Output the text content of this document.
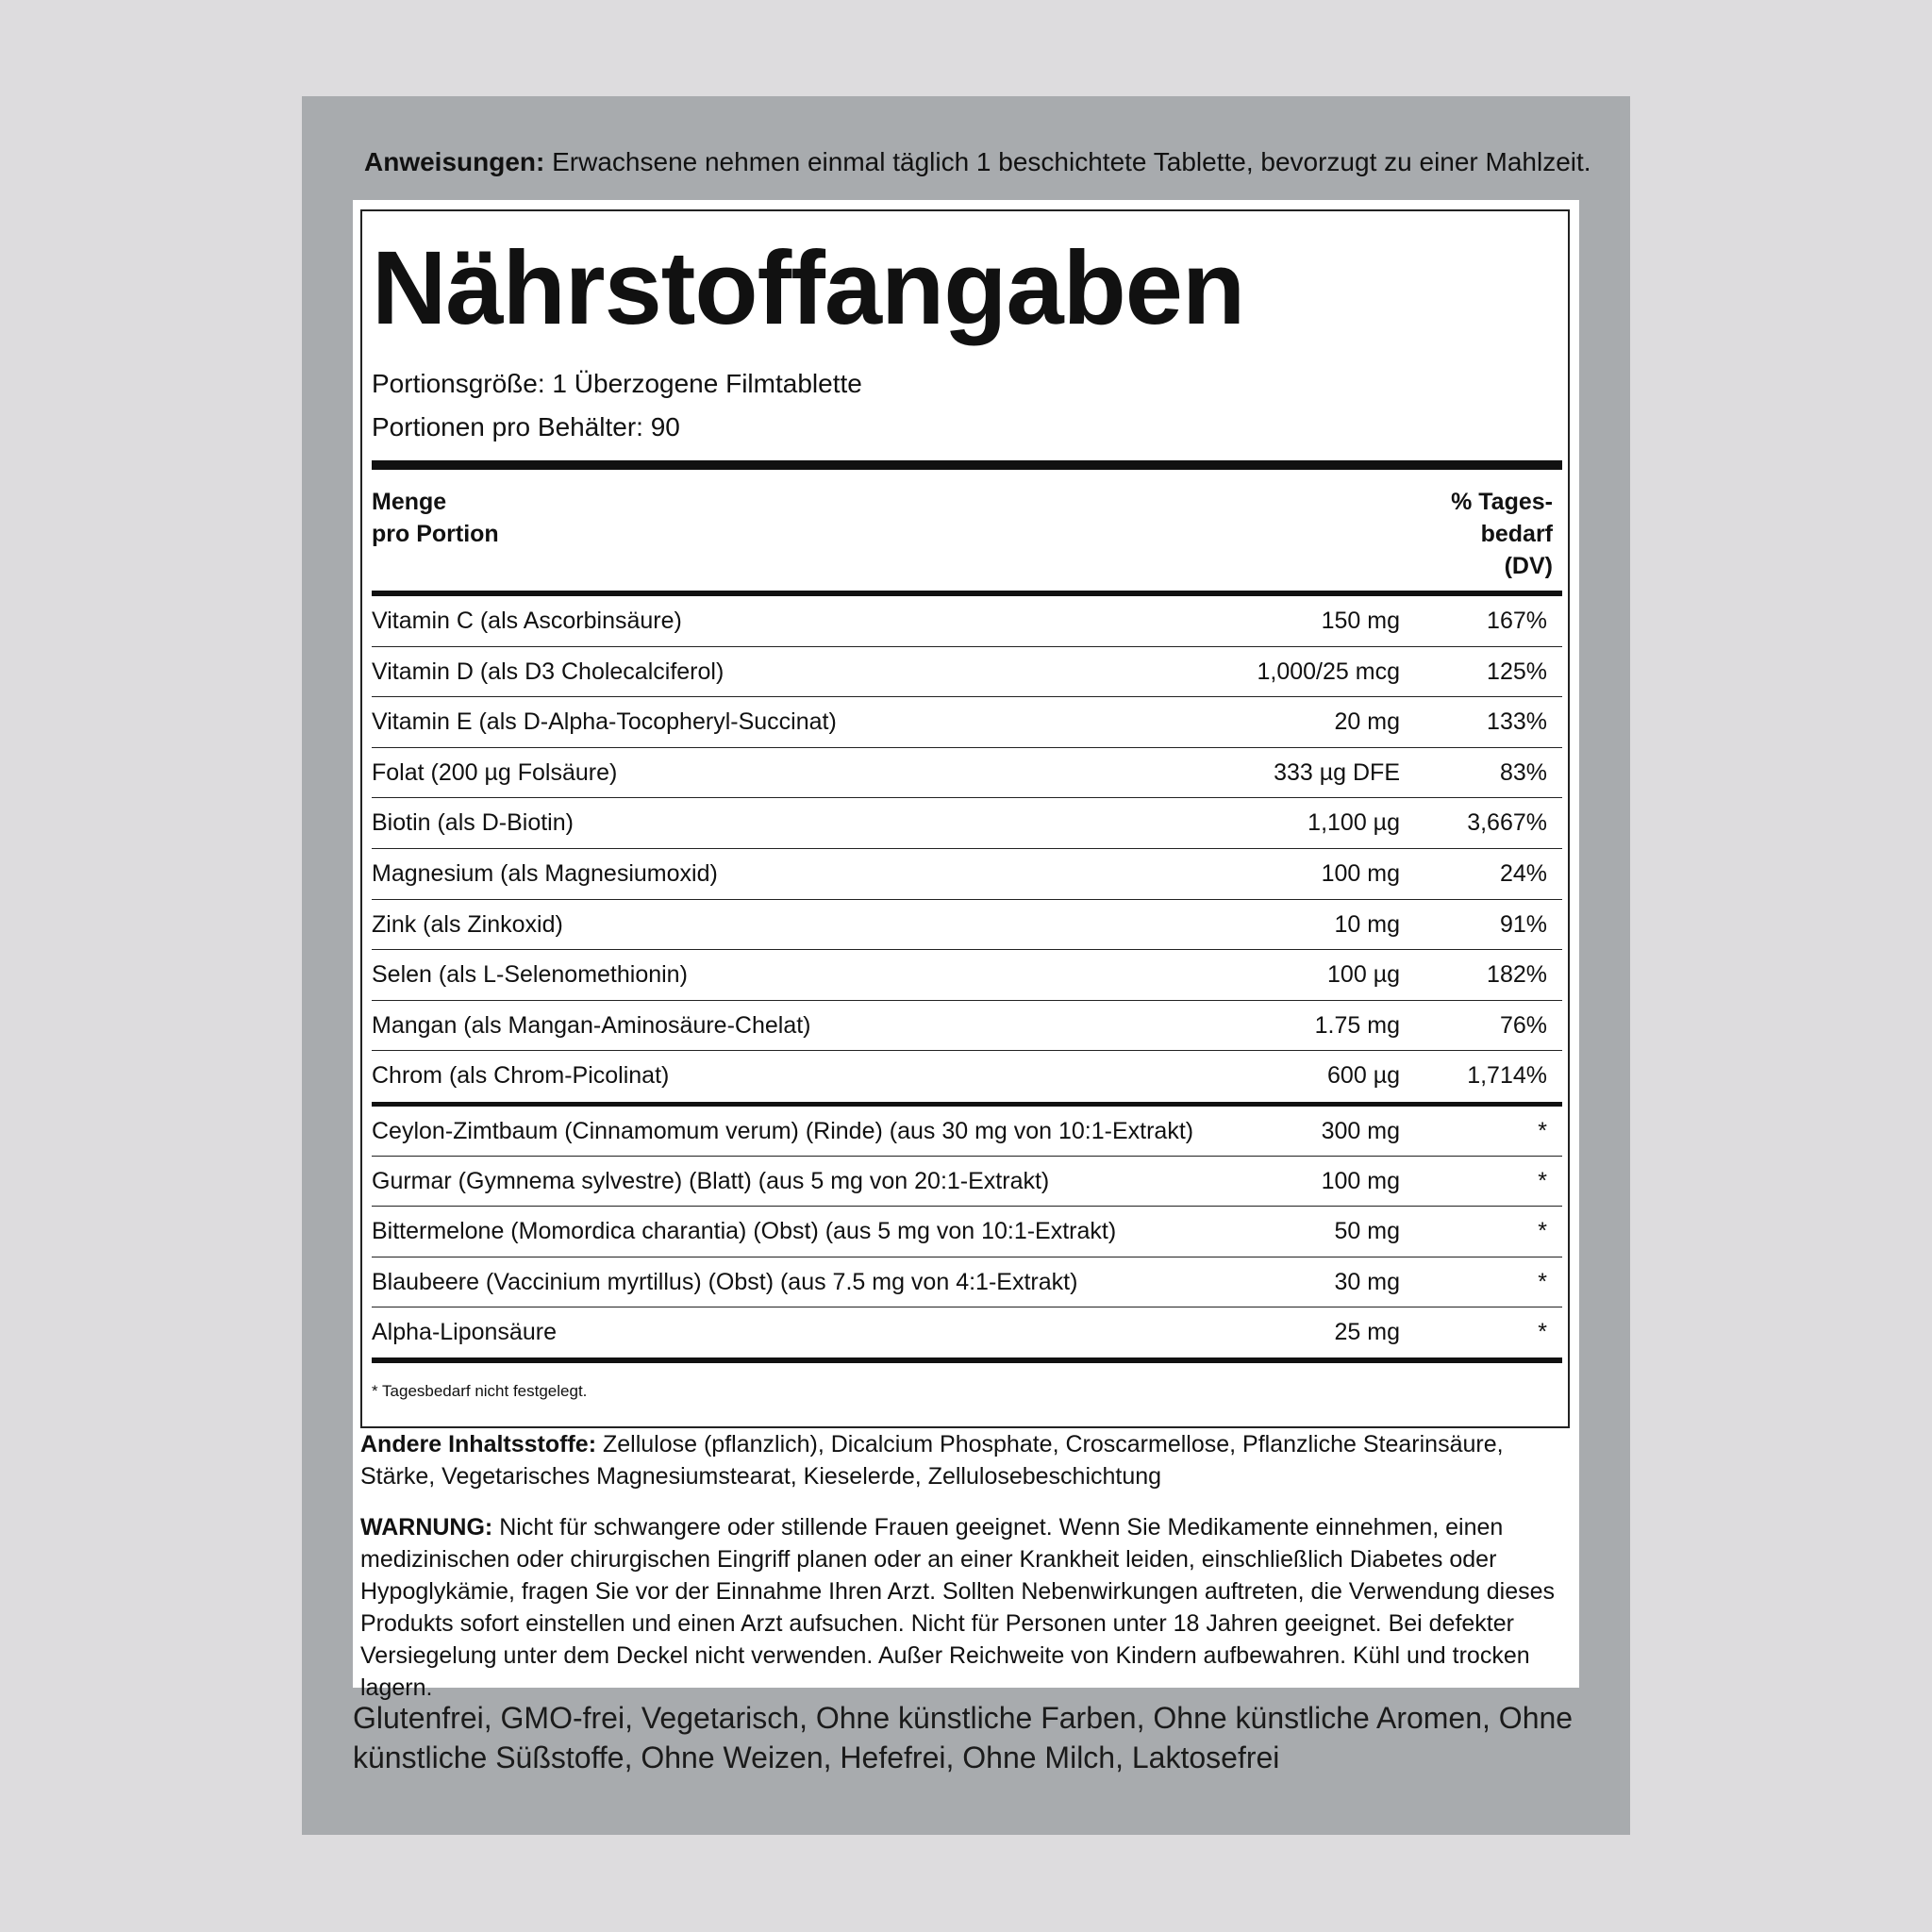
Anweisungen: Erwachsene nehmen einmal täglich 1 beschichtete Tablette, bevorzugt zu einer Mahlzeit.
Nährstoffangaben
Portionsgröße: 1 Überzogene Filmtablette
Portionen pro Behälter: 90
Menge
pro Portion
% Tages-
bedarf
(DV)
Vitamin C (als Ascorbinsäure)	150 mg	167%
Vitamin D (als D3 Cholecalciferol)	1,000/25 mcg	125%
Vitamin E (als D-Alpha-Tocopheryl-Succinat)	20 mg	133%
Folat (200 µg Folsäure)	333 µg DFE	83%
Biotin (als D-Biotin)	1,100 µg	3,667%
Magnesium (als Magnesiumoxid)	100 mg	24%
Zink (als Zinkoxid)	10 mg	91%
Selen (als L-Selenomethionin)	100 µg	182%
Mangan (als Mangan-Aminosäure-Chelat)	1.75 mg	76%
Chrom (als Chrom-Picolinat)	600 µg	1,714%
Ceylon-Zimtbaum (Cinnamomum verum) (Rinde) (aus 30 mg von 10:1-Extrakt)	300 mg	*
Gurmar (Gymnema sylvestre) (Blatt) (aus 5 mg von 20:1-Extrakt)	100 mg	*
Bittermelone (Momordica charantia) (Obst) (aus 5 mg von 10:1-Extrakt)	50 mg	*
Blaubeere (Vaccinium myrtillus) (Obst) (aus 7.5 mg von 4:1-Extrakt)	30 mg	*
Alpha-Liponsäure	25 mg	*
* Tagesbedarf nicht festgelegt.
Andere Inhaltsstoffe: Zellulose (pflanzlich), Dicalcium Phosphate, Croscarmellose, Pflanzliche Stearinsäure, Stärke, Vegetarisches Magnesiumstearat, Kieselerde, Zellulosebeschichtung
WARNUNG: Nicht für schwangere oder stillende Frauen geeignet. Wenn Sie Medikamente einnehmen, einen medizinischen oder chirurgischen Eingriff planen oder an einer Krankheit leiden, einschließlich Diabetes oder Hypoglykämie, fragen Sie vor der Einnahme Ihren Arzt. Sollten Nebenwirkungen auftreten, die Verwendung dieses Produkts sofort einstellen und einen Arzt aufsuchen. Nicht für Personen unter 18 Jahren geeignet. Bei defekter Versiegelung unter dem Deckel nicht verwenden. Außer Reichweite von Kindern aufbewahren. Kühl und trocken lagern.
Glutenfrei, GMO-frei, Vegetarisch, Ohne künstliche Farben, Ohne künstliche Aromen, Ohne künstliche Süßstoffe, Ohne Weizen, Hefefrei, Ohne Milch, Laktosefrei
